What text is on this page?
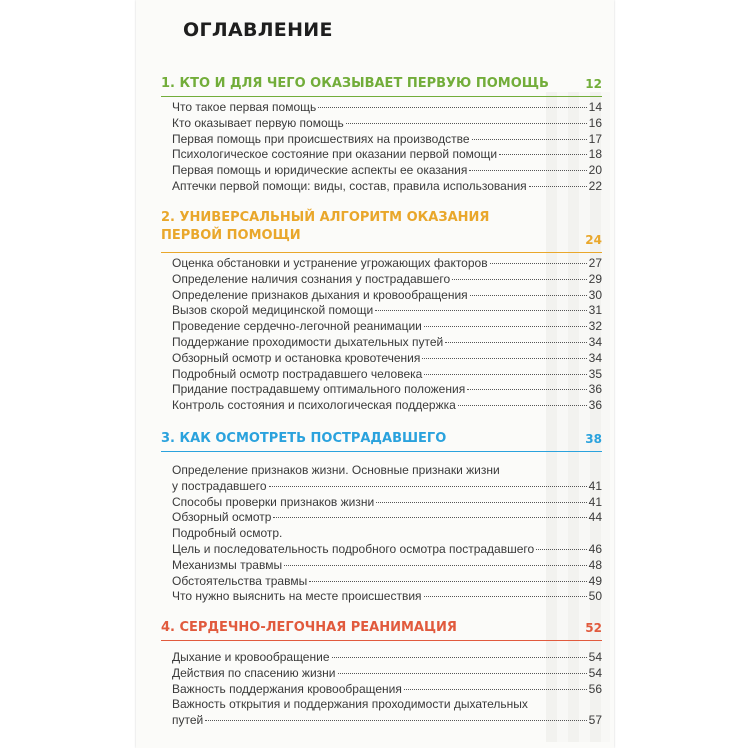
ОГЛАВЛЕНИЕ
1. КТО И ДЛЯ ЧЕГО ОКАЗЫВАЕТ ПЕРВУЮ ПОМОЩЬ	12
Что такое первая помощь	14
Кто оказывает первую помощь	16
Первая помощь при происшествиях на производстве	17
Психологическое состояние при оказании первой помощи	18
Первая помощь и юридические аспекты ее оказания	20
Аптечки первой помощи: виды, состав, правила использования	22
2. УНИВЕРСАЛЬНЫЙ АЛГОРИТМ ОКАЗАНИЯ
ПЕРВОЙ ПОМОЩИ	24
Оценка обстановки и устранение угрожающих факторов	27
Определение наличия сознания у пострадавшего	29
Определение признаков дыхания и кровообращения	30
Вызов скорой медицинской помощи	31
Проведение сердечно-легочной реанимации	32
Поддержание проходимости дыхательных путей	34
Обзорный осмотр и остановка кровотечения	34
Подробный осмотр пострадавшего человека	35
Придание пострадавшему оптимального положения	36
Контроль состояния и психологическая поддержка	36
3. КАК ОСМОТРЕТЬ ПОСТРАДАВШЕГО	38
Определение признаков жизни. Основные признаки жизни
у пострадавшего	41
Способы проверки признаков жизни	41
Обзорный осмотр	44
Подробный осмотр.
Цель и последовательность подробного осмотра пострадавшего	46
Механизмы травмы	48
Обстоятельства травмы	49
Что нужно выяснить на месте происшествия	50
4. СЕРДЕЧНО-ЛЕГОЧНАЯ РЕАНИМАЦИЯ	52
Дыхание и кровообращение	54
Действия по спасению жизни	54
Важность поддержания кровообращения	56
Важность открытия и поддержания проходимости дыхательных
путей	57
